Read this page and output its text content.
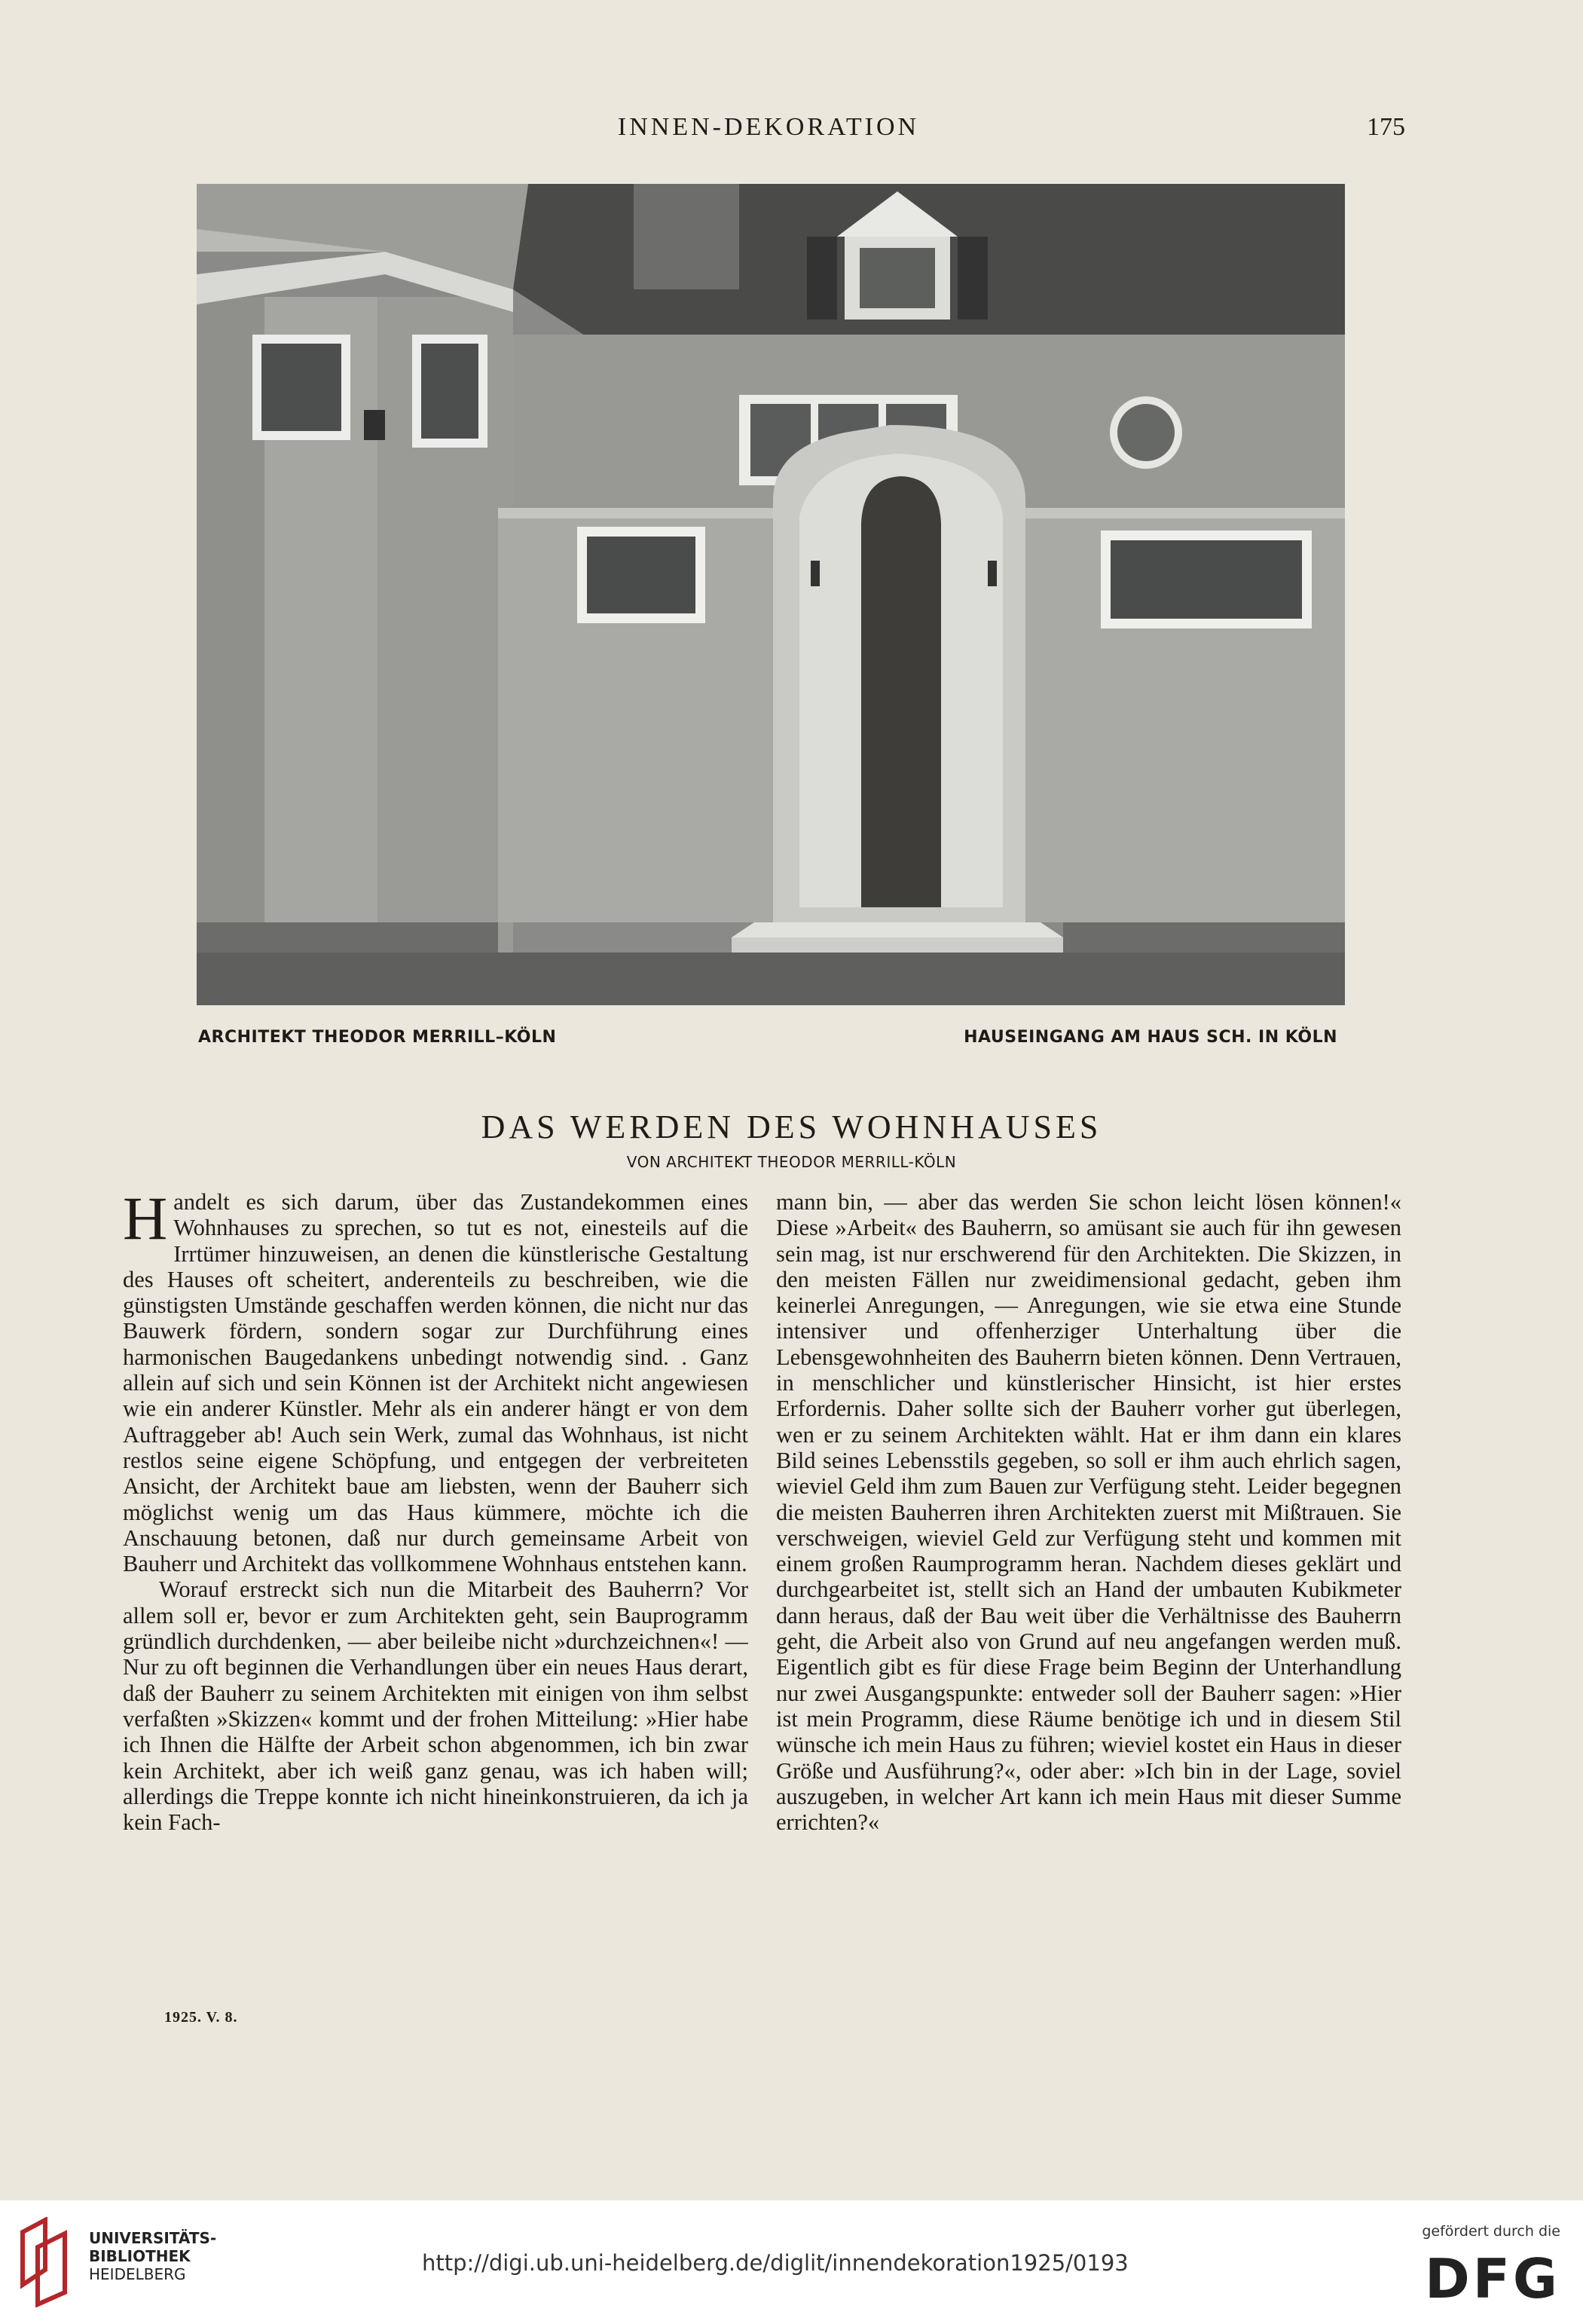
INNEN-DEKORATION	175
ARCHITEKT THEODOR MERRILL–KÖLN	HAUSEINGANG AM HAUS SCH. IN KÖLN
DAS WERDEN DES WOHNHAUSES
VON ARCHITEKT THEODOR MERRILL-KÖLN

Handelt es sich darum, über das Zustandekommen eines Wohnhauses zu sprechen, so tut es not, einesteils auf die Irrtümer hinzuweisen, an denen die künstlerische Gestaltung des Hauses oft scheitert, anderenteils zu beschreiben, wie die günstigsten Umstände geschaffen werden können, die nicht nur das Bauwerk fördern, sondern sogar zur Durchführung eines harmonischen Baugedankens unbedingt notwendig sind. . Ganz allein auf sich und sein Können ist der Architekt nicht angewiesen wie ein anderer Künstler. Mehr als ein anderer hängt er von dem Auftraggeber ab! Auch sein Werk, zumal das Wohnhaus, ist nicht restlos seine eigene Schöpfung, und entgegen der verbreiteten Ansicht, der Architekt baue am liebsten, wenn der Bauherr sich möglichst wenig um das Haus kümmere, möchte ich die Anschauung betonen, daß nur durch gemeinsame Arbeit von Bauherr und Architekt das vollkommene Wohnhaus entstehen kann.

Worauf erstreckt sich nun die Mitarbeit des Bauherrn? Vor allem soll er, bevor er zum Architekten geht, sein Bauprogramm gründlich durchdenken, — aber beileibe nicht »durchzeichnen«! — Nur zu oft beginnen die Verhandlungen über ein neues Haus derart, daß der Bauherr zu seinem Architekten mit einigen von ihm selbst verfaßten »Skizzen« kommt und der frohen Mitteilung: »Hier habe ich Ihnen die Hälfte der Arbeit schon abgenommen, ich bin zwar kein Architekt, aber ich weiß ganz genau, was ich haben will; allerdings die Treppe konnte ich nicht hineinkonstruieren, da ich ja kein Fach-

mann bin, — aber das werden Sie schon leicht lösen können!« Diese »Arbeit« des Bauherrn, so amüsant sie auch für ihn gewesen sein mag, ist nur erschwerend für den Architekten. Die Skizzen, in den meisten Fällen nur zweidimensional gedacht, geben ihm keinerlei Anregungen, — Anregungen, wie sie etwa eine Stunde intensiver und offenherziger Unterhaltung über die Lebensgewohnheiten des Bauherrn bieten können. Denn Vertrauen, in menschlicher und künstlerischer Hinsicht, ist hier erstes Erfordernis. Daher sollte sich der Bauherr vorher gut überlegen, wen er zu seinem Architekten wählt. Hat er ihm dann ein klares Bild seines Lebensstils gegeben, so soll er ihm auch ehrlich sagen, wieviel Geld ihm zum Bauen zur Verfügung steht. Leider begegnen die meisten Bauherren ihren Architekten zuerst mit Mißtrauen. Sie verschweigen, wieviel Geld zur Verfügung steht und kommen mit einem großen Raumprogramm heran. Nachdem dieses geklärt und durchgearbeitet ist, stellt sich an Hand der umbauten Kubikmeter dann heraus, daß der Bau weit über die Verhältnisse des Bauherrn geht, die Arbeit also von Grund auf neu angefangen werden muß. Eigentlich gibt es für diese Frage beim Beginn der Unterhandlung nur zwei Ausgangspunkte: entweder soll der Bauherr sagen: »Hier ist mein Programm, diese Räume benötige ich und in diesem Stil wünsche ich mein Haus zu führen; wieviel kostet ein Haus in dieser Größe und Ausführung?«, oder aber: »Ich bin in der Lage, soviel auszugeben, in welcher Art kann ich mein Haus mit dieser Summe errichten?«

1925. V. 8.
UNIVERSITÄTS-
BIBLIOTHEK
HEIDELBERG	http://digi.ub.uni-heidelberg.de/diglit/innendekoration1925/0193
gefördert durch die
DFG
